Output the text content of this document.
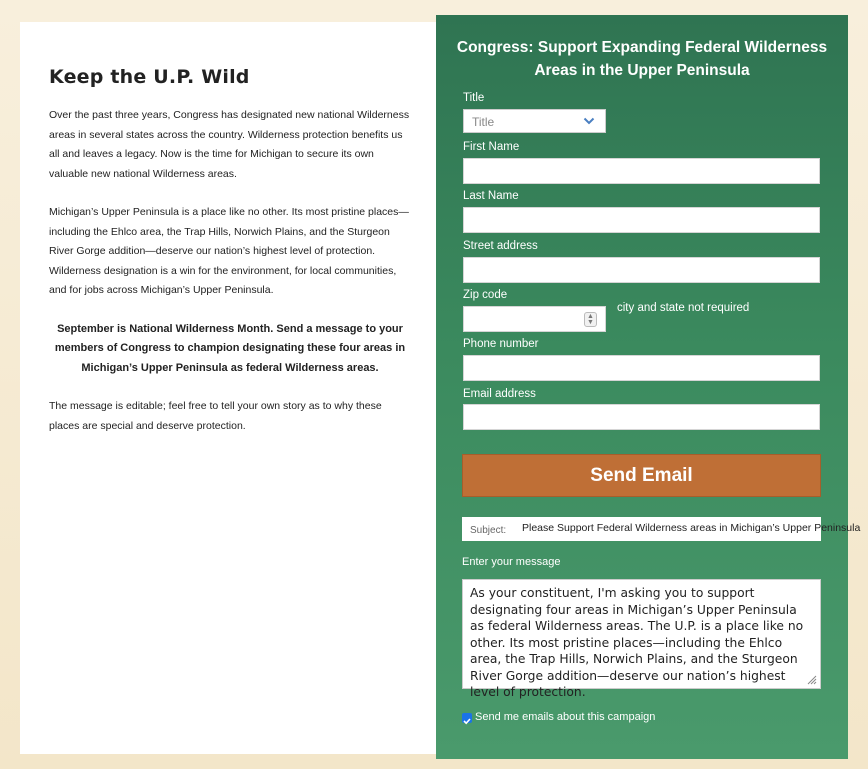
Keep the U.P. Wild

Over the past three years, Congress has designated new national Wilderness areas in several states across the country. Wilderness protection benefits us all and leaves a legacy. Now is the time for Michigan to secure its own valuable new national Wilderness areas.

Michigan’s Upper Peninsula is a place like no other. Its most pristine places—including the Ehlco area, the Trap Hills, Norwich Plains, and the Sturgeon River Gorge addition—deserve our nation’s highest level of protection. Wilderness designation is a win for the environment, for local communities, and for jobs across Michigan’s Upper Peninsula.

September is National Wilderness Month. Send a message to your members of Congress to champion designating these four areas in Michigan’s Upper Peninsula as federal Wilderness areas.

The message is editable; feel free to tell your own story as to why these places are special and deserve protection.

Congress: Support Expanding Federal Wilderness Areas in the Upper Peninsula
Title
Title
First Name
Last Name
Street address
Zip code
▲
▼
city and state not required
Phone number
Email address
Send Email
Subject: Please Support Federal Wilderness areas in Michigan’s Upper Peninsula
Enter your message
As your constituent, I'm asking you to support designating four areas in Michigan’s Upper Peninsula as federal Wilderness areas. The U.P. is a place like no other. Its most pristine places—including the Ehlco area, the Trap Hills, Norwich Plains, and the Sturgeon River Gorge addition—deserve our nation’s highest level of protection.
Send me emails about this campaign
